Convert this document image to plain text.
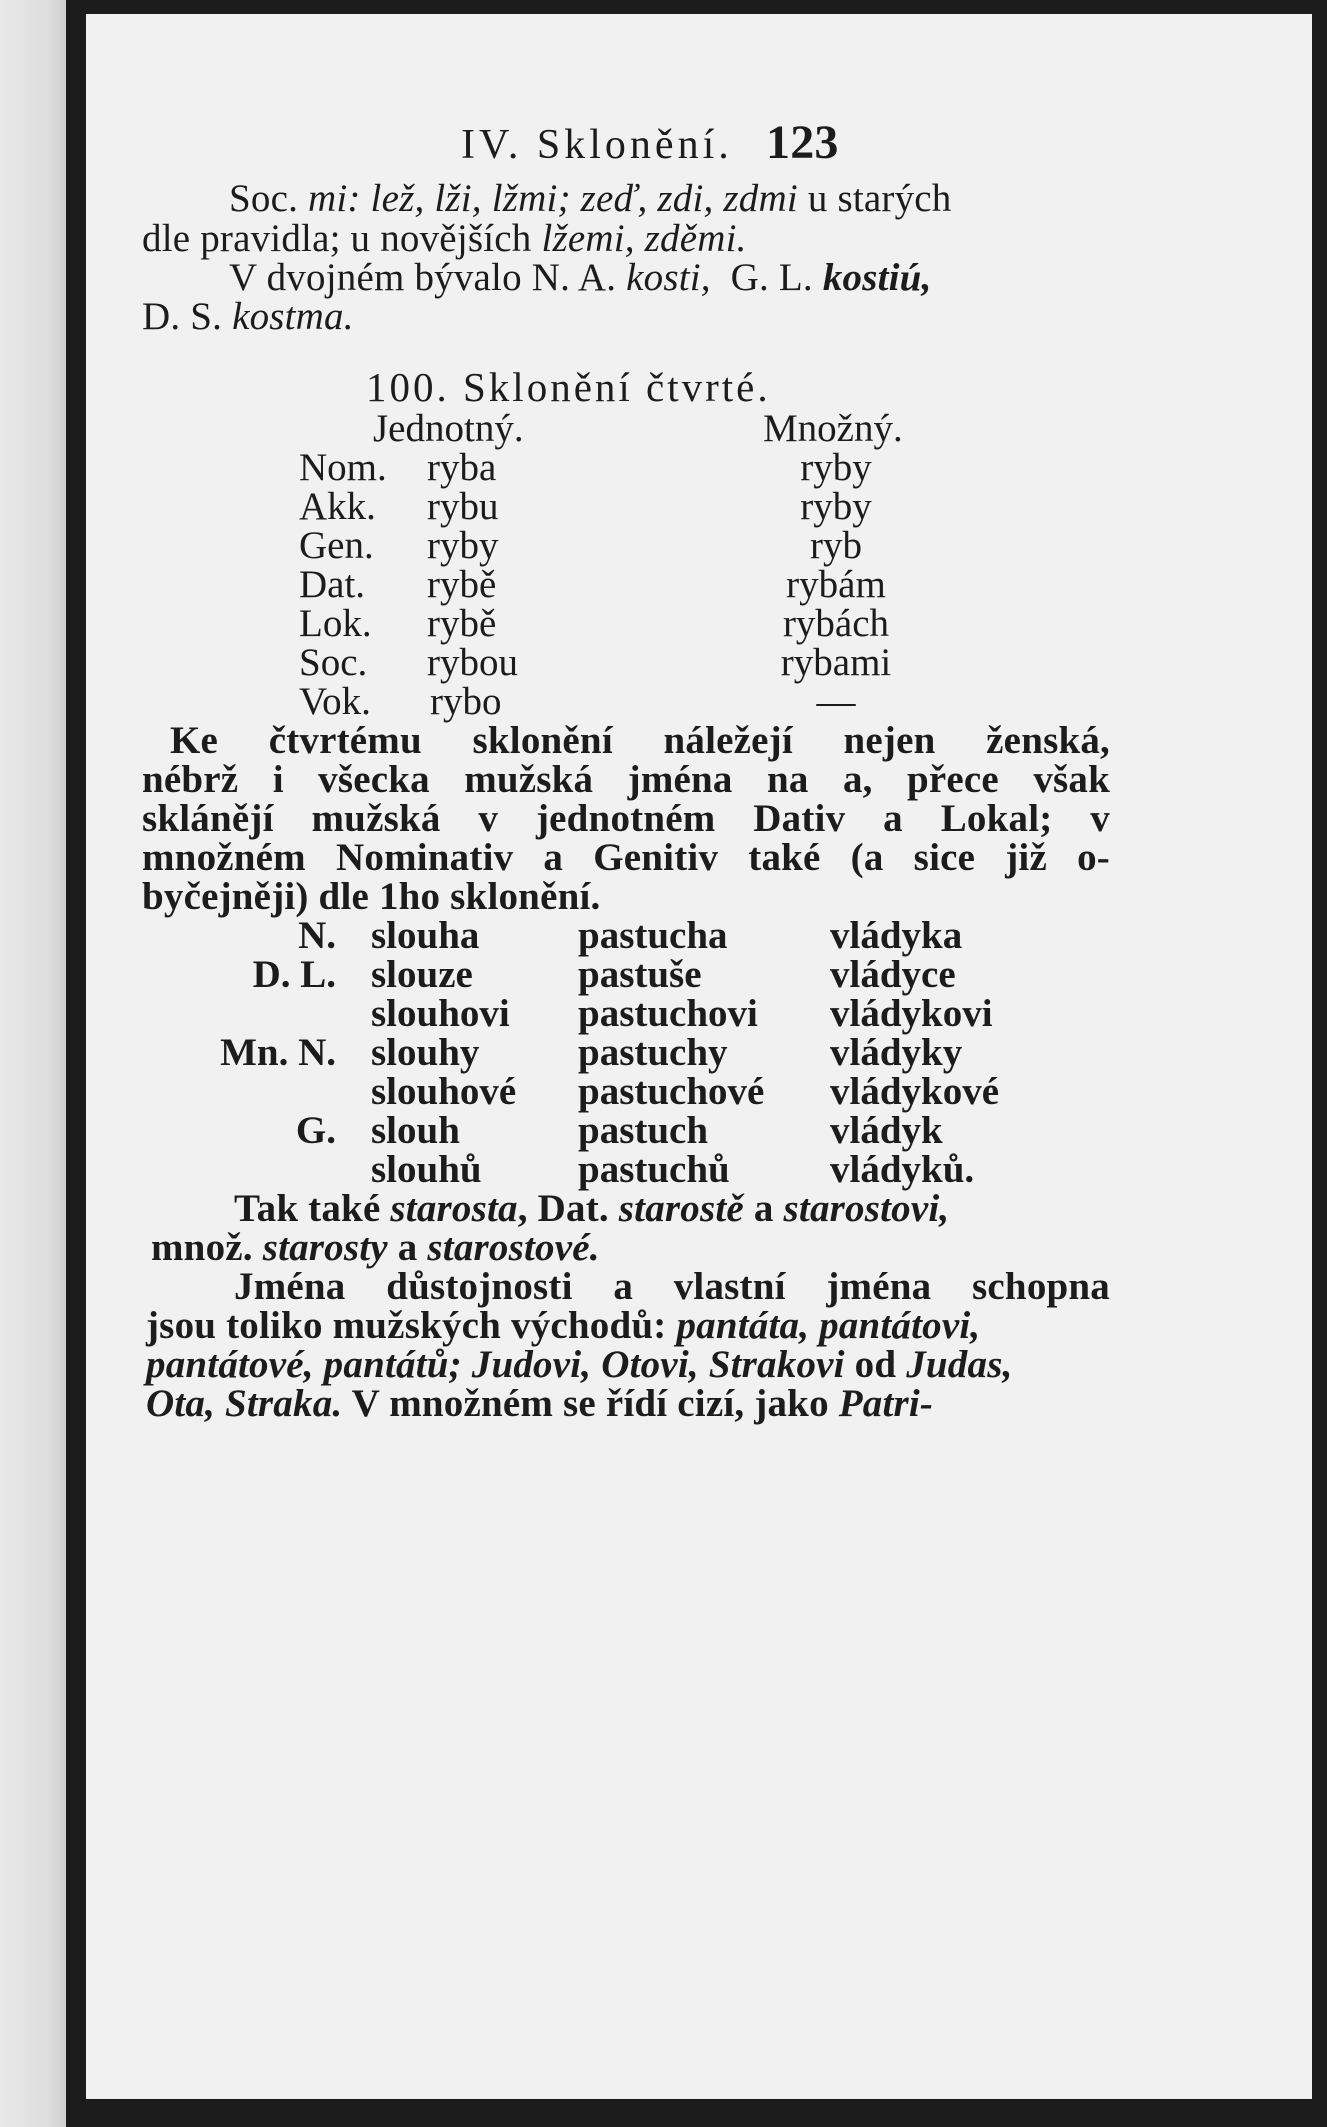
IV. Sklonění. 123
Soc. mi: lež, lži, lžmi; zeď, zdi, zdmi u starých
dle pravidla; u novějších lžemi, zděmi.
V dvojném bývalo N. A. kosti,  G. L. kostiú,
D. S. kostma.
100. Sklonění čtvrté.
Jednotný.	Množný.
Nom. ryba	ryby
Akk. rybu	ryby
Gen. ryby	ryb
Dat. rybě	rybám
Lok. rybě	rybách
Soc. rybou	rybami
Vok. rybo	—
Ke čtvrtému sklonění náležejí nejen ženská,
nébrž i všecka mužská jména na a, přece však
sklánějí mužská v jednotném Dativ a Lokal; v
množném Nominativ a Genitiv také (a sice již o-
byčejněji) dle 1ho sklonění.
N. slouha	pastucha	vládyka
D. L. slouze	pastuše	vládyce
slouhovi pastuchovi vládykovi
Mn. N. slouhy	pastuchy	vládyky
slouhové pastuchové vládykové
G. slouh	pastuch	vládyk
slouhů pastuchů	vládyků.
Tak také starosta, Dat. starostě a starostovi,
množ. starosty a starostové.
Jména důstojnosti a vlastní jména schopna
jsou toliko mužských východů: pantáta, pantátovi,
pantátové, pantátů; Judovi, Otovi, Strakovi od Judas,
Ota, Straka. V množném se řídí cizí, jako Patri-
